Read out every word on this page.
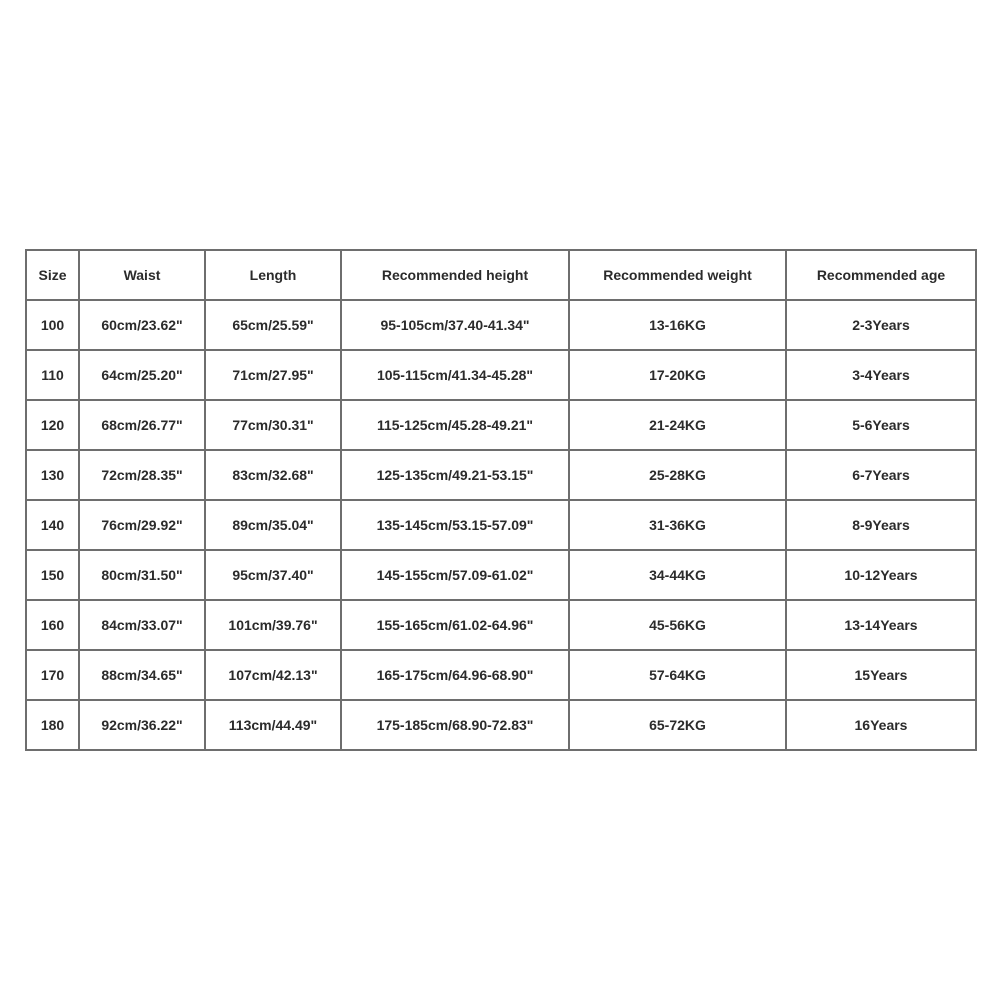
Size	Waist	Length	Recommended height	Recommended weight	Recommended age
100	60cm/23.62"	65cm/25.59"	95-105cm/37.40-41.34"	13-16KG	2-3Years
110	64cm/25.20"	71cm/27.95"	105-115cm/41.34-45.28"	17-20KG	3-4Years
120	68cm/26.77"	77cm/30.31"	115-125cm/45.28-49.21"	21-24KG	5-6Years
130	72cm/28.35"	83cm/32.68"	125-135cm/49.21-53.15"	25-28KG	6-7Years
140	76cm/29.92"	89cm/35.04"	135-145cm/53.15-57.09"	31-36KG	8-9Years
150	80cm/31.50"	95cm/37.40"	145-155cm/57.09-61.02"	34-44KG	10-12Years
160	84cm/33.07"	101cm/39.76"	155-165cm/61.02-64.96"	45-56KG	13-14Years
170	88cm/34.65"	107cm/42.13"	165-175cm/64.96-68.90"	57-64KG	15Years
180	92cm/36.22"	113cm/44.49"	175-185cm/68.90-72.83"	65-72KG	16Years
